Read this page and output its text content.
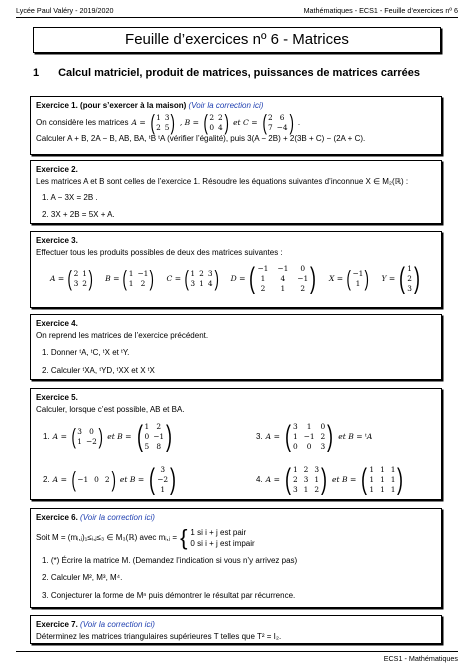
Lycée Paul Valéry - 2019/2020	Mathématiques - ECS1 - Feuille d’exercices nº 6
Feuille d’exercices nº 6 - Matrices
1 Calcul matriciel, produit de matrices, puissances de matrices carrées
Exercice 1. (pour s’exercer à la maison) (Voir la correction ici)
On considère les matrices A = ( 1 3
2 5 ) , B = ( 2 2
0 4 ) et C = ( 2 6
7 −4 ) .
Calculer A + B, 2A − B, AB, BA, ᵗB ᵗA (vérifier l’égalité), puis 3(A − 2B) + 2(3B + C) − (2A + C).
Exercice 2.
Les matrices A et B sont celles de l’exercice 1. Résoudre les équations suivantes d’inconnue X ∈ M₂(ℝ) :
1. A − 3X = 2B .
2. 3X + 2B = 5X + A.
Exercice 3.
Effectuer tous les produits possibles de deux des matrices suivantes :
A = ( 2 1
3 2 ) B = ( 1 −1
1 2 ) C = ( 1 2 3
3 1 4 ) D = ( −1 −1	0
1	4	−1
2	1	2 ) X = ( −1
1 ) Y = ( 1
2
3 )
Exercice 4.
On reprend les matrices de l’exercice précédent.
1. Donner ᵗA, ᵗC, ᵗX et ᵗY.
2. Calculer ᵗXA, ᵗYD, ᵗXX et X ᵗX
Exercice 5.
Calculer, lorsque c’est possible, AB et BA.
1. A = ( 3 0
1 −2 ) et B = ( 1 2
0 −1
5 8 )	3. A = ( 3	1	0
1 −1 2
0	0	3 ) et B = ᵗA
2. A = ( −1 0 2 ) et B = ( 3
−2
1 )	4. A = ( 1 2 3
2 3 1
3 1 2 ) et B = ( 1 1 1
1 1 1
1 1 1 )
Exercice 6. (Voir la correction ici)
Soit M = (mᵢ,ⱼ)₁≤ᵢ,ⱼ≤₃ ∈ M₃(ℝ) avec mᵢ,ⱼ = { 1 si i + j est pair
0 si i + j est impair
1. (*) Écrire la matrice M. (Demandez l’indication si vous n’y arrivez pas)
2. Calculer M², M³, M⁴.
3. Conjecturer la forme de Mⁿ puis démontrer le résultat par récurrence.
Exercice 7. (Voir la correction ici)
Déterminez les matrices triangulaires supérieures T telles que T² = I₂.
ECS1 - Mathématiques
